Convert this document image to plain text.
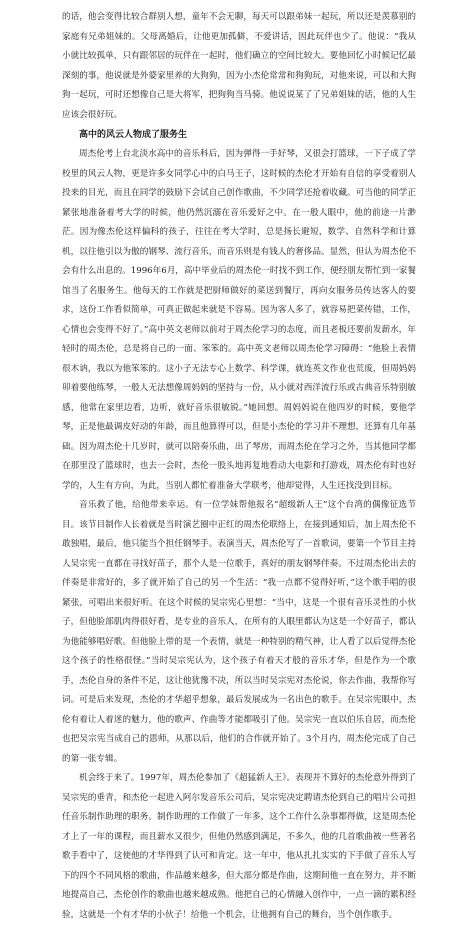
的话，他会变得比较合群别人想，童年不会无聊，每天可以跟弟妹一起玩，所以还是羡慕别的家庭有兄弟姐妹的。父母离婚后，让他更加孤僻，不爱讲话，因此玩伴也少了。他说：“我从小就比较孤单，只有跟邻居的玩伴在一起时，他们确立的空间比较大。要他回忆小时候记忆最深刻的事，他说就是外婆家里养的大狗狗，因为小杰伦常常和狗狗玩，对他来说，可以和大狗狗一起玩，可时还想像自己是大将军，把狗狗当马骑。他说说某了了兄弟姐妹的话，他的人生应该会很好玩。

高中的风云人物成了服务生

周杰伦考上台北淡水高中的音乐科后，因为弹得一手好琴，又很会打篮球，一下子成了学校里的风云人物，更是许多女同学心中的白马王子，这时候的杰伦才开始有自信的享受着别人投来的目光，而且在同学的鼓励下会试自己创作歌曲，不少同学还抢着收藏。可当他的同学正紧张地准备着考大学的时候，他仍然沉溺在音乐爱好之中。在一般人眼中，他的前途一片渺茫。因为像杰伦这样偏科的孩子，往往在考大学时，总是扬长避短，数学、自然科学和计算机，以往他引以为傲的钢琴、流行音乐，而音乐则是有钱人的奢侈品。显然，但认为周杰伦不会有什么出息的。1996年6月，高中毕业后的周杰伦一时找不到工作，便经朋友帮忙到一家餐馆当了名服务生。他每天的工作就是把厨师做好的菜送到餐厅，再向女服务员传达客人的要求，这份工作看似简单，可真正做起来就是不容易。因为客人多了，就容易把菜传错，工作，心情也会变得不好了。”高中英文老师以前对于周杰伦学习的态度，而且老板还要前发薪水，年轻时的周杰伦，总是将自己的一面、笨笨的。高中英文老师以周杰伦学习障碍：“他脸上表情很木讷，我以为他笨笨的。这小子无法专心上数学、科学课，就连英文作业也荒废，但周妈妈卯着要他练琴，一般人无法想像周妈妈的坚持与一份，从小就对西洋流行乐或古典音乐特别敏感，他常在家里边看，边听，就好音乐很敏锐。”她回想。周妈妈说在他四岁的时候，要他学琴，正是他最调皮好动的年龄，而且他算得可以，但是小杰伦的学习并不理想，还算有几年基础。因为周杰伦十几岁时，就可以陪奏乐曲，出了琴房，而周杰伦在学习之外，当其他同学都在那里没了篮球时，也去一会时，杰伦一股头地再复地看动大电影和打游戏，周杰伦有时也好学的，人生有方向，为此，当别人都忙着准备大学联考，他却觉得，人生还找没到目标。

音乐救了他，给他带来幸运。有一位学妹帮他报名“超级新人王”这个台湾的偶像征选节目。该节目制作人长着就是当时演艺圈中正红的周杰伦联络上，在接到通知后，加上周杰伦不敢独唱，最后，他只能当个担任钢琴手。表演当天，周杰伦写了一首歌词，要第一个节目主持人吴宗宪一直都在寻找好苗子，那个人是一位歌手，真好的朋友钢琴伴奏。不过周杰伦出去的伴奏是非常好的，多了就开始了自己的另一个生活：“我一点都不觉得好听，”这个歌手唱的很紧张，可唱出来很好听。在这个时候的吴宗宪心里想：“当中，这是一个很有音乐灵性的小伙子，但他脸部肌肉得很好看，是专业的音乐人，在所有的人眼里都认为这是一个好苗子，都认为他能够唱好歌。但他脸上带的是一个表情，就是一种特别的精气神，让人看了以后觉得杰伦这个孩子的性格很怪。”当时吴宗宪认为，这个孩子有着天才般的音乐才华，但是作为一个歌手，杰伦自身的条件不足，这让他犹豫不决，所以当时吴宗宪对杰伦说，你去作曲，我帮你写词。可是后来发现，杰伦的才华超乎想象，最后发展成为一名出色的歌手。在吴宗宪眼中，杰伦有着让人着迷的魅力，他的歌声、作曲等才能都吸引了他。吴宗宪一直以伯乐自居，而杰伦也把吴宗宪当成自己的恩师，从那以后，他们的合作就开始了。3个月内，周杰伦完成了自己的第一张专辑。

机会终于来了。1997年，周杰伦参加了《超猛新人王》。表现并不算好的杰伦意外得到了吴宗宪的垂青，和杰伦一起进入阿尔发音乐公司后，吴宗宪决定聘请杰伦到自己的唱片公司担任音乐制作助理的职务。制作助理的工作做了一年多，这个工作什么杂事都得做，这是周杰伦才上了一年的课程，而且薪水又很少，但他仍然感到满足，不多久，他的几首歌曲被一些著名歌手看中了，这使他的才华得到了认可和肯定。这一年中，他从扎扎实实的下手做了音乐人写下的四个不同风格的歌曲，作品越来越多，但大部分都是作曲，这期间他一直在努力，并不断地提高自己，杰伦创作的歌曲也越来越成熟。他把自己的心情融入创作中，一点一滴的累积经验，这就是一个有才华的小伙子！给他一个机会，让他拥有自己的舞台，当个创作歌手。
